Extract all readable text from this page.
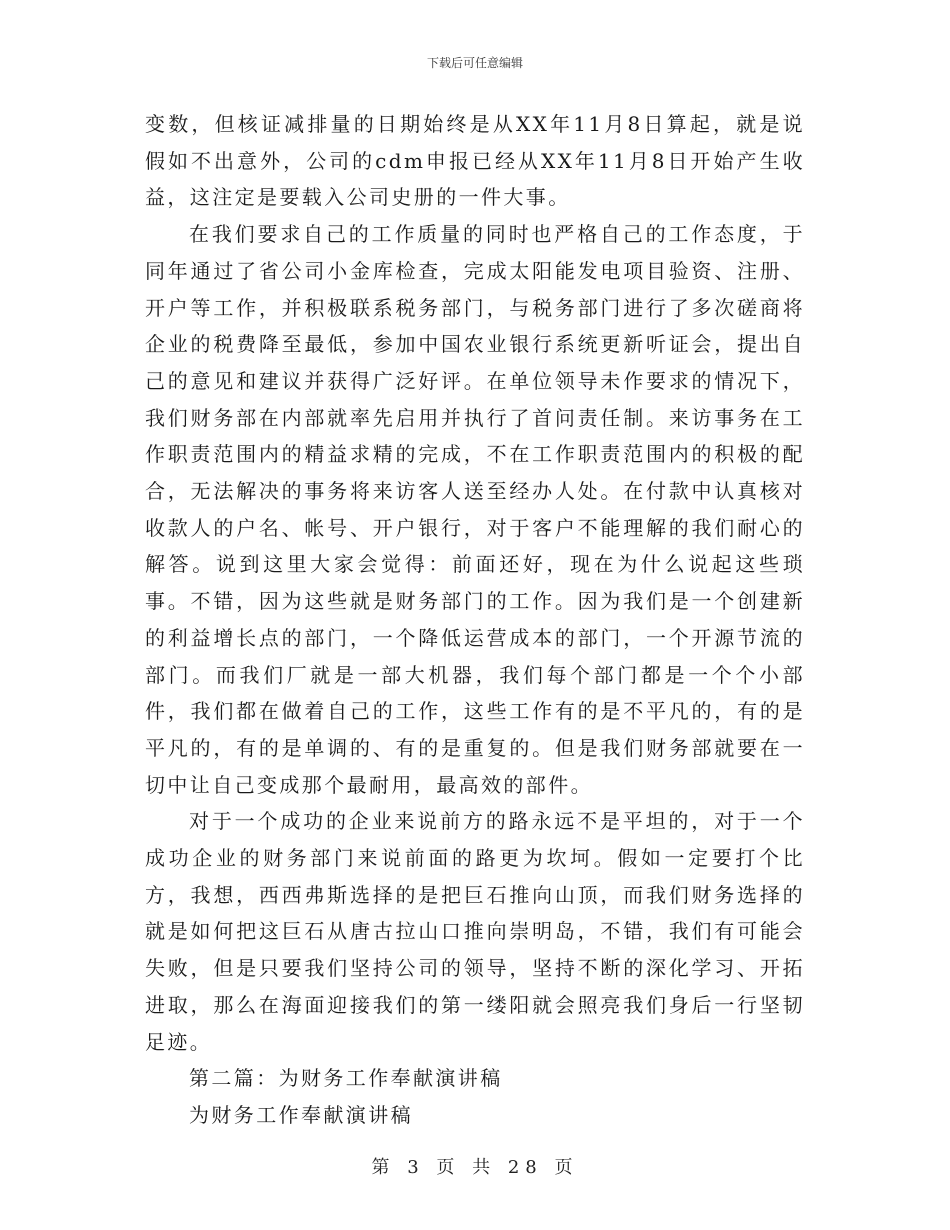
下载后可任意编辑

变数，但核证减排量的日期始终是从XX年11月8日算起，就是说假如不出意外，公司的cdm申报已经从XX年11月8日开始产生收益，这注定是要载入公司史册的一件大事。

在我们要求自己的工作质量的同时也严格自己的工作态度，于同年通过了省公司小金库检查，完成太阳能发电项目验资、注册、开户等工作，并积极联系税务部门，与税务部门进行了多次磋商将企业的税费降至最低，参加中国农业银行系统更新听证会，提出自己的意见和建议并获得广泛好评。在单位领导未作要求的情况下，我们财务部在内部就率先启用并执行了首问责任制。来访事务在工作职责范围内的精益求精的完成，不在工作职责范围内的积极的配合，无法解决的事务将来访客人送至经办人处。在付款中认真核对收款人的户名、帐号、开户银行，对于客户不能理解的我们耐心的解答。说到这里大家会觉得：前面还好，现在为什么说起这些琐事。不错，因为这些就是财务部门的工作。因为我们是一个创建新的利益增长点的部门，一个降低运营成本的部门，一个开源节流的部门。而我们厂就是一部大机器，我们每个部门都是一个个小部件，我们都在做着自己的工作，这些工作有的是不平凡的，有的是平凡的，有的是单调的、有的是重复的。但是我们财务部就要在一切中让自己变成那个最耐用，最高效的部件。

对于一个成功的企业来说前方的路永远不是平坦的，对于一个成功企业的财务部门来说前面的路更为坎坷。假如一定要打个比方，我想，西西弗斯选择的是把巨石推向山顶，而我们财务选择的就是如何把这巨石从唐古拉山口推向崇明岛，不错，我们有可能会失败，但是只要我们坚持公司的领导，坚持不断的深化学习、开拓进取，那么在海面迎接我们的第一缕阳就会照亮我们身后一行坚韧足迹。

第二篇：为财务工作奉献演讲稿

为财务工作奉献演讲稿

第 3 页 共 28 页
